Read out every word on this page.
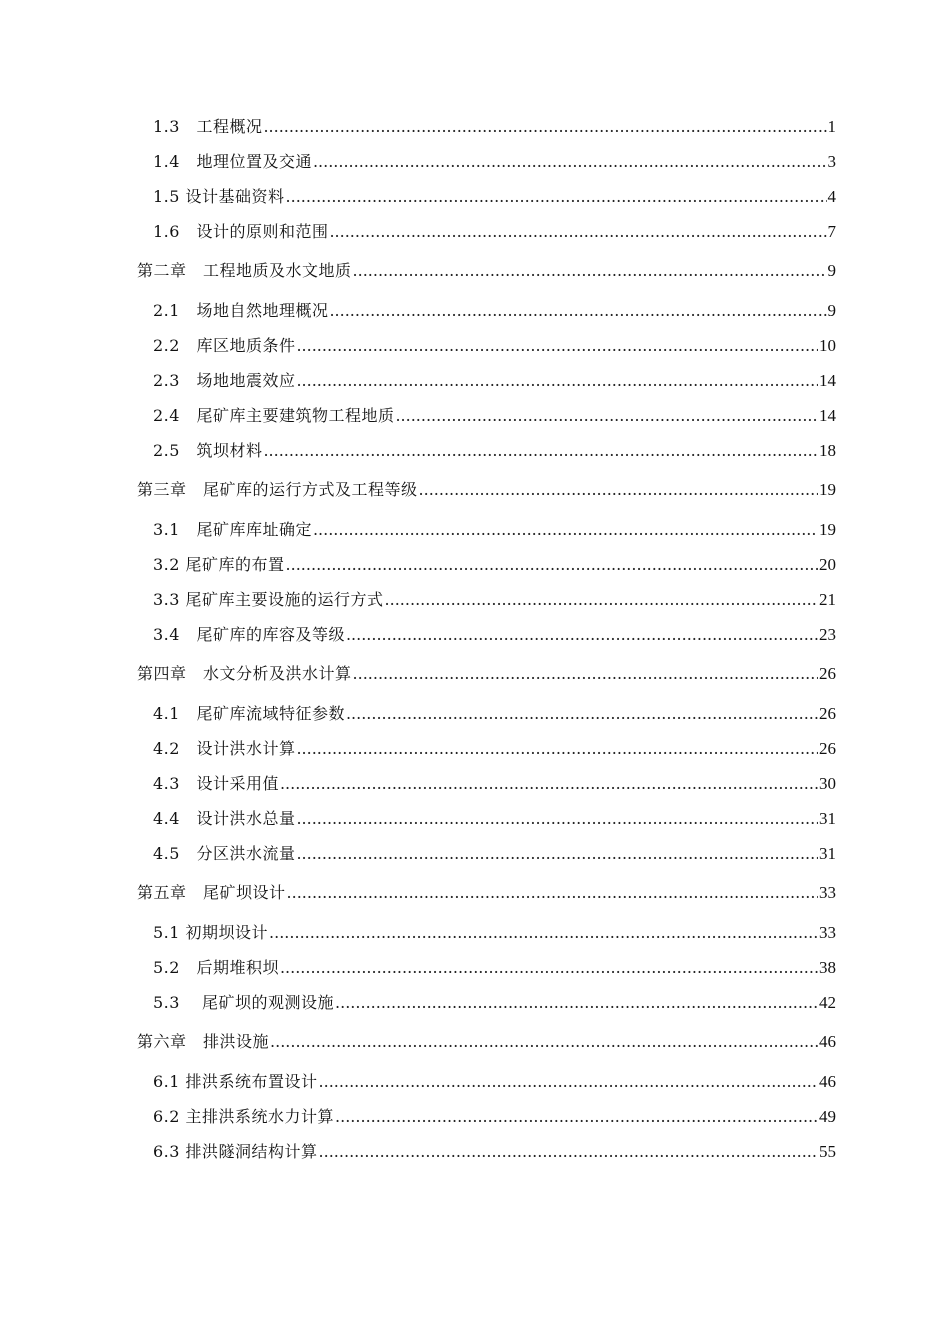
1.3　工程概况 .....	1
1.4　地理位置及交通 .....	3
1.5 设计基础资料 .....	4
1.6　设计的原则和范围 .....	7
第二章　工程地质及水文地质 .....	9
2.1　场地自然地理概况 .....	9
2.2　库区地质条件 .....	10
2.3　场地地震效应 .....	14
2.4　尾矿库主要建筑物工程地质 .....	14
2.5　筑坝材料 .....	18
第三章　尾矿库的运行方式及工程等级 .....	19
3.1　尾矿库库址确定 .....	19
3.2 尾矿库的布置 .....	20
3.3 尾矿库主要设施的运行方式 .....	21
3.4　尾矿库的库容及等级 .....	23
第四章　水文分析及洪水计算 .....	26
4.1　尾矿库流域特征参数 .....	26
4.2　设计洪水计算 .....	26
4.3　设计采用值 .....	30
4.4　设计洪水总量 .....	31
4.5　分区洪水流量 .....	31
第五章　尾矿坝设计 .....	33
5.1 初期坝设计 .....	33
5.2　后期堆积坝 .....	38
5.3　 尾矿坝的观测设施 .....	42
第六章　排洪设施 .....	46
6.1 排洪系统布置设计 .....	46
6.2 主排洪系统水力计算 .....	49
6.3 排洪隧洞结构计算 .....	55
